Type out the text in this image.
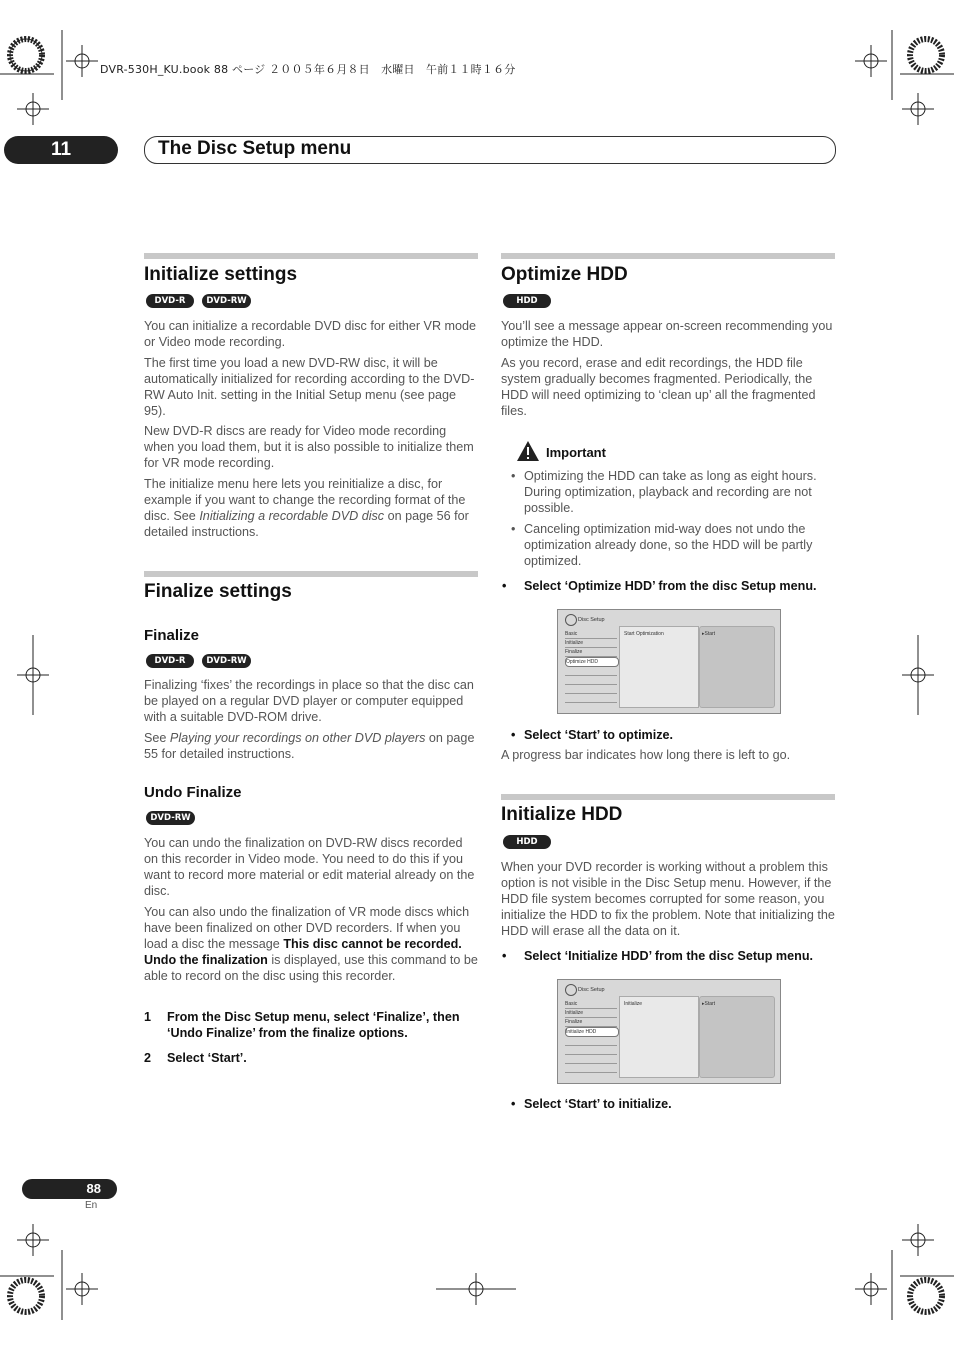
DVR-530H_KU.book 88 ページ ２００５年６月８日　水曜日　午前１１時１６分
11	The Disc Setup menu
Initialize settings
DVD-R	DVD-RW

You can initialize a recordable DVD disc for either VR mode or Video mode recording.

The first time you load a new DVD-RW disc, it will be automatically initialized for recording according to the DVD-RW Auto Init. setting in the Initial Setup menu (see page 95).

New DVD-R discs are ready for Video mode recording when you load them, but it is also possible to initialize them for VR mode recording.

The initialize menu here lets you reinitialize a disc, for example if you want to change the recording format of the disc. See Initializing a recordable DVD disc on page 56 for detailed instructions.

Finalize settings
Finalize
DVD-R	DVD-RW

Finalizing ‘fixes’ the recordings in place so that the disc can be played on a regular DVD player or computer equipped with a suitable DVD-ROM drive.

See Playing your recordings on other DVD players on page 55 for detailed instructions.

Undo Finalize
DVD-RW

You can undo the finalization on DVD-RW discs recorded on this recorder in Video mode. You need to do this if you want to record more material or edit material already on the disc.

You can also undo the finalization of VR mode discs which have been finalized on other DVD recorders. If when you load a disc the message This disc cannot be recorded. Undo the finalization is displayed, use this command to be able to record on the disc using this recorder.

1 From the Disc Setup menu, select ‘Finalize’, then ‘Undo Finalize’ from the finalize options.
2 Select ‘Start’.
Optimize HDD
HDD

You’ll see a message appear on-screen recommending you optimize the HDD.

As you record, erase and edit recordings, the HDD file system gradually becomes fragmented. Periodically, the HDD will need optimizing to ‘clean up’ all the fragmented files.

Important
• Optimizing the HDD can take as long as eight hours. During optimization, playback and recording are not possible.
• Canceling optimization mid-way does not undo the optimization already done, so the HDD will be partly optimized.
• Select ‘Optimize HDD’ from the disc Setup menu.
Disc Setup
Basic
Initialize
Finalize
Optimize HDD
Start Optimization	▸Start
• Select ‘Start’ to optimize.

A progress bar indicates how long there is left to go.

Initialize HDD
HDD

When your DVD recorder is working without a problem this option is not visible in the Disc Setup menu. However, if the HDD file system becomes corrupted for some reason, you initialize the HDD to fix the problem. Note that initializing the HDD will erase all the data on it.

• Select ‘Initialize HDD’ from the disc Setup menu.
Disc Setup
Basic
Initialize
Finalize
Initialize HDD
Initialize	▸Start
• Select ‘Start’ to initialize.
88
En
